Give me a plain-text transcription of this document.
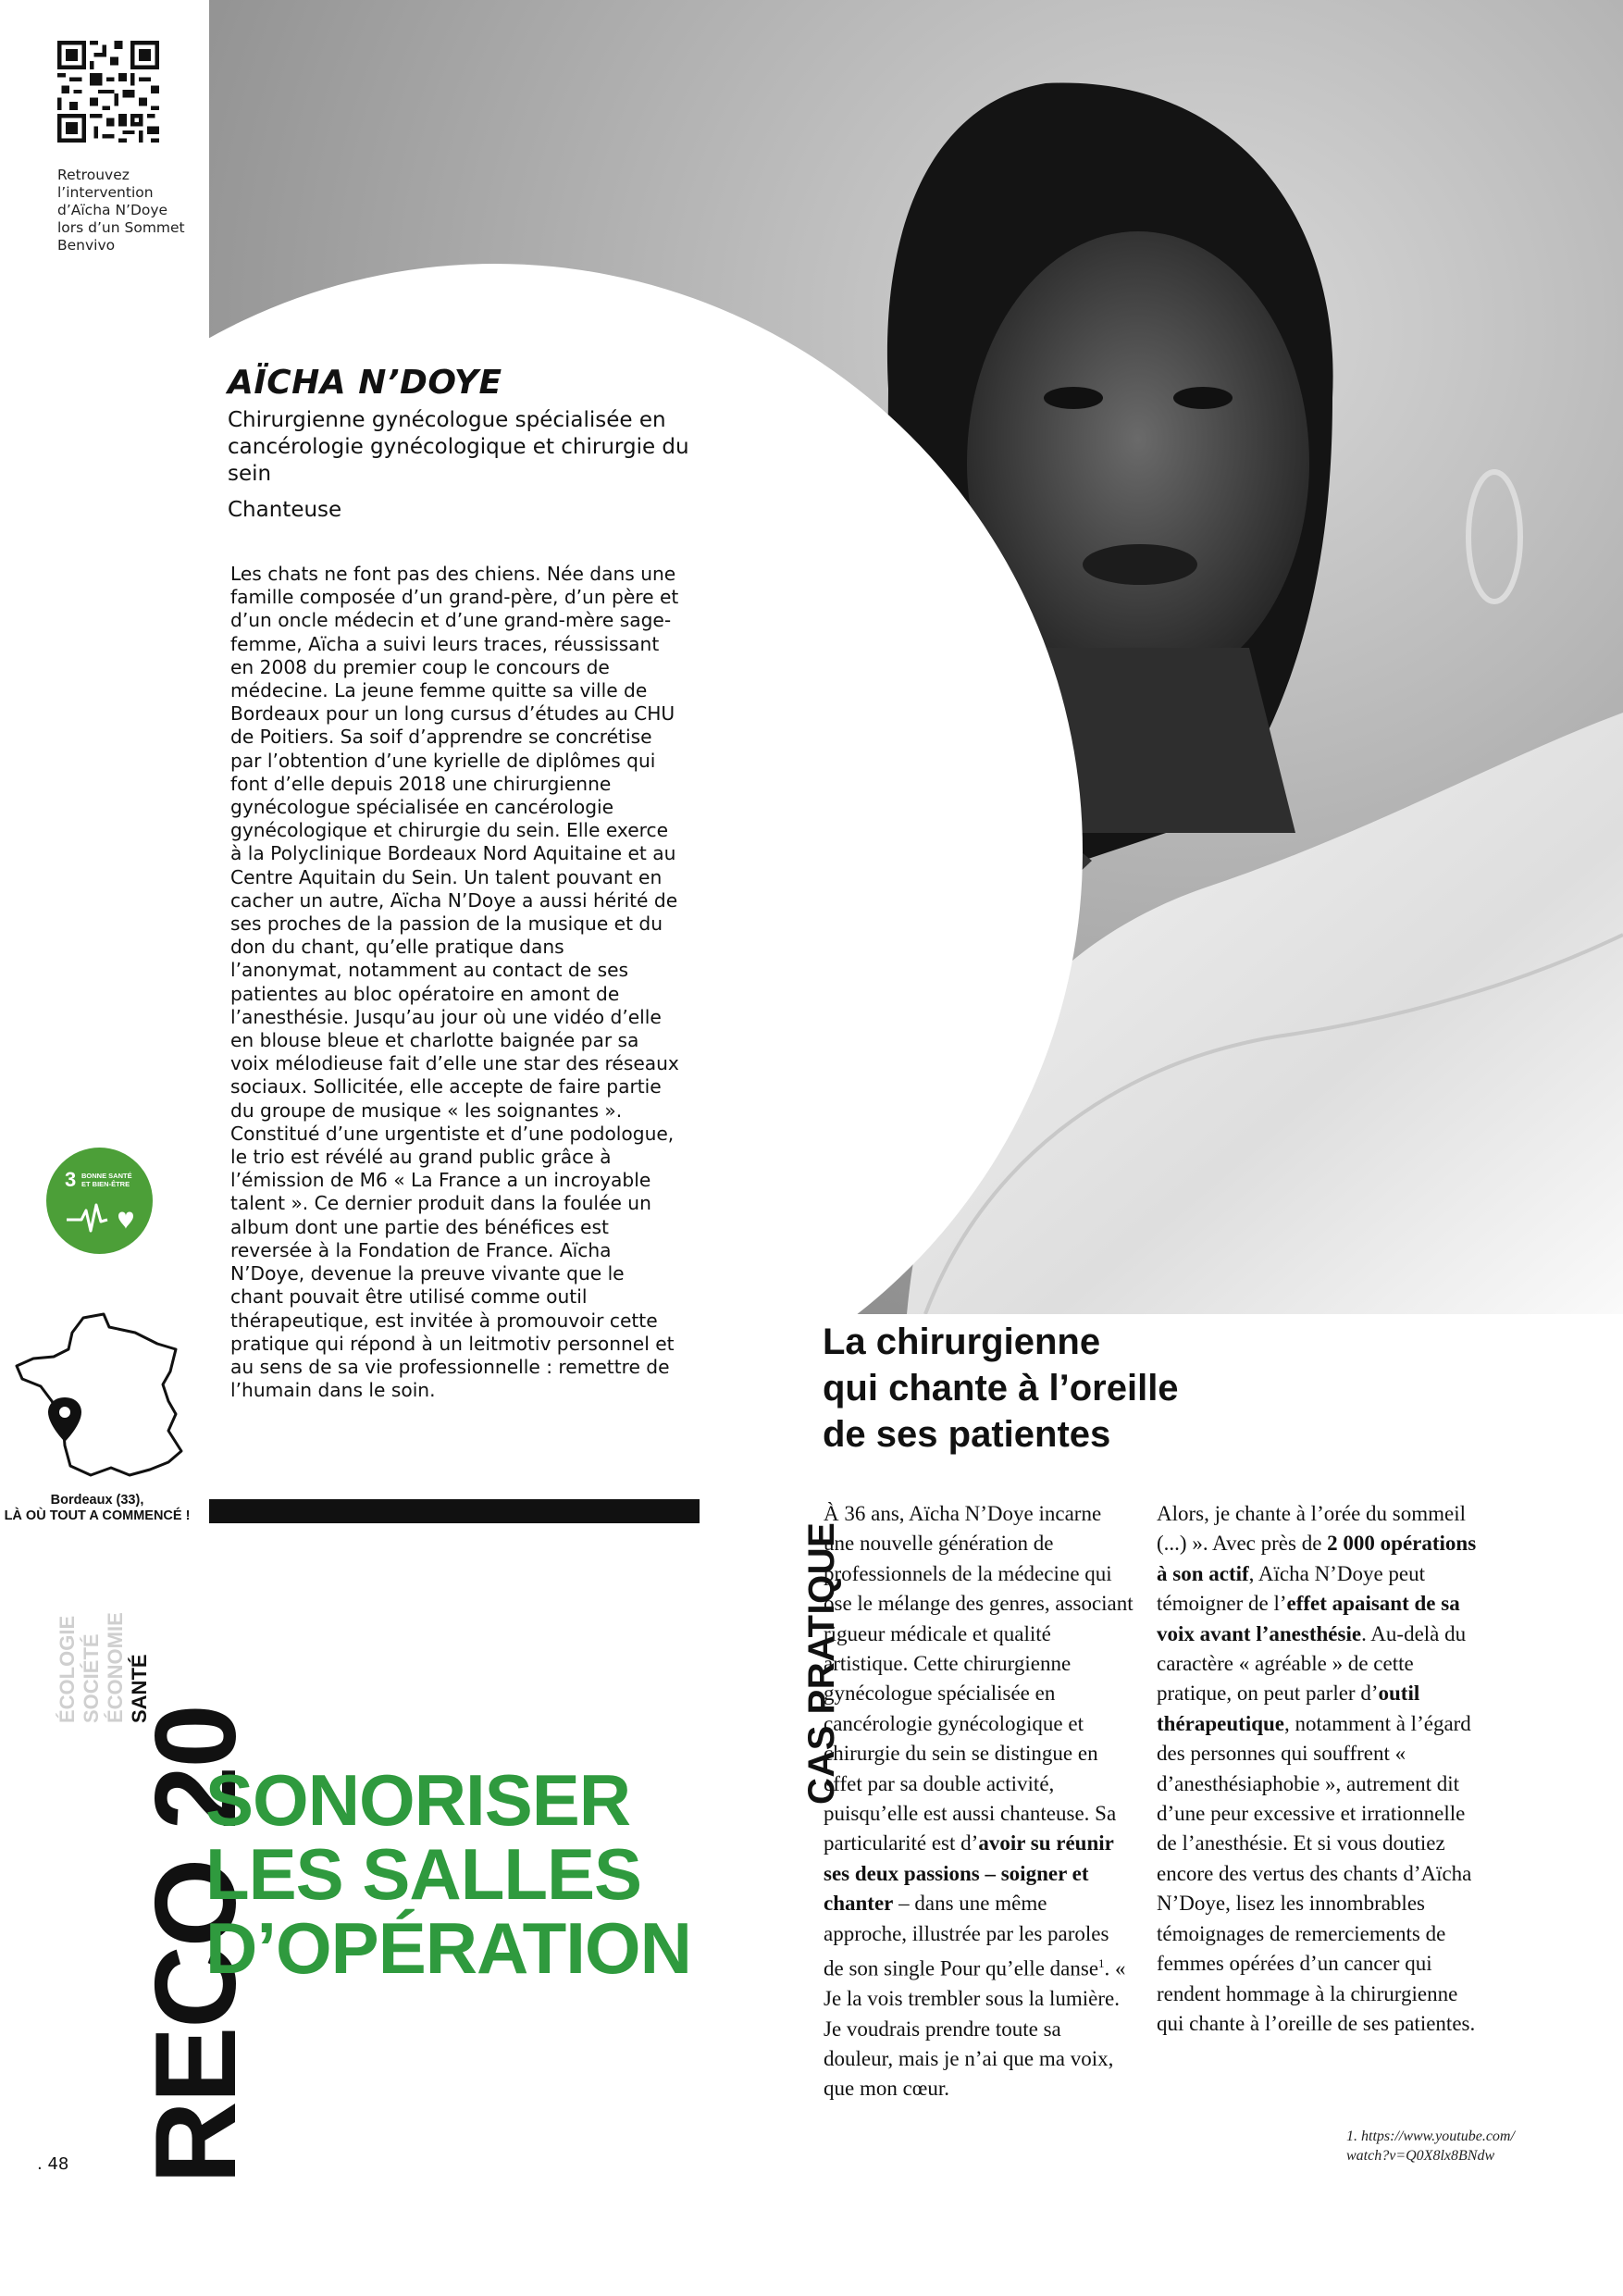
Retrouvez l’intervention d’Aïcha N’Doye lors d’un Sommet Benvivo
AÏCHA N’DOYE
Chirurgienne gynécologue spécialisée en cancérologie gynécologique et chirurgie du sein
Chanteuse
Les chats ne font pas des chiens. Née dans une famille composée d’un grand-père, d’un père et d’un oncle médecin et d’une grand-mère sage-femme, Aïcha a suivi leurs traces, réussissant en 2008 du premier coup le concours de médecine. La jeune femme quitte sa ville de Bordeaux pour un long cursus d’études au CHU de Poitiers. Sa soif d’apprendre se concrétise par l’obtention d’une kyrielle de diplômes qui font d’elle depuis 2018 une chirurgienne gynécologue spécialisée en cancérologie gynécologique et chirurgie du sein. Elle exerce à la Polyclinique Bordeaux Nord Aquitaine et au Centre Aquitain du Sein. Un talent pouvant en cacher un autre, Aïcha N’Doye a aussi hérité de ses proches de la passion de la musique et du don du chant, qu’elle pratique dans l’anonymat, notamment au contact de ses patientes au bloc opératoire en amont de l’anesthésie. Jusqu’au jour où une vidéo d’elle en blouse bleue et charlotte baignée par sa voix mélodieuse fait d’elle une star des réseaux sociaux. Sollicitée, elle accepte de faire partie du groupe de musique « les soignantes ». Constitué d’une urgentiste et d’une podologue, le trio est révélé au grand public grâce à l’émission de M6 « La France a un incroyable talent ». Ce dernier produit dans la foulée un album dont une partie des bénéfices est reversée à la Fondation de France. Aïcha N’Doye, devenue la preuve vivante que le chant pouvait être utilisé comme outil thérapeutique, est invitée à promouvoir cette pratique qui répond à un leitmotiv personnel et au sens de sa vie professionnelle : remettre de l’humain dans le soin.
3 BONNE SANTÉ
ET BIEN-ÊTRE
Bordeaux (33),
LÀ OÙ TOUT A COMMENCÉ !
ÉCOLOGIE SOCIÉTÉ ÉCONOMIE SANTÉ
RECO 20
. 48
SONORISER
LES SALLES
D’OPÉRATION
CAS PRATIQUE
La chirurgienne
qui chante à l’oreille
de ses patientes
À 36 ans, Aïcha N’Doye incarne une nouvelle génération de professionnels de la médecine qui ose le mélange des genres, associant rigueur médicale et qualité artistique. Cette chirurgienne gynécologue spécialisée en cancérologie gynécologique et chirurgie du sein se distingue en effet par sa double activité, puisqu’elle est aussi chanteuse. Sa particularité est d’avoir su réunir ses deux passions – soigner et chanter – dans une même approche, illustrée par les paroles de son single Pour qu’elle danse$^1$. « Je la vois trembler sous la lumière. Je voudrais prendre toute sa douleur, mais je n’ai que ma voix, que mon cœur.
Alors, je chante à l’orée du sommeil (...) ». Avec près de 2 000 opérations à son actif, Aïcha N’Doye peut témoigner de l’effet apaisant de sa voix avant l’anesthésie. Au-delà du caractère « agréable » de cette pratique, on peut parler d’outil thérapeutique, notamment à l’égard des personnes qui souffrent « d’anesthésiaphobie », autrement dit d’une peur excessive et irrationnelle de l’anesthésie. Et si vous doutiez encore des vertus des chants d’Aïcha N’Doye, lisez les innombrables témoignages de remerciements de femmes opérées d’un cancer qui rendent hommage à la chirurgienne qui chante à l’oreille de ses patientes.
1. https://www.youtube.com/ watch?v=Q0X8lx8BNdw
